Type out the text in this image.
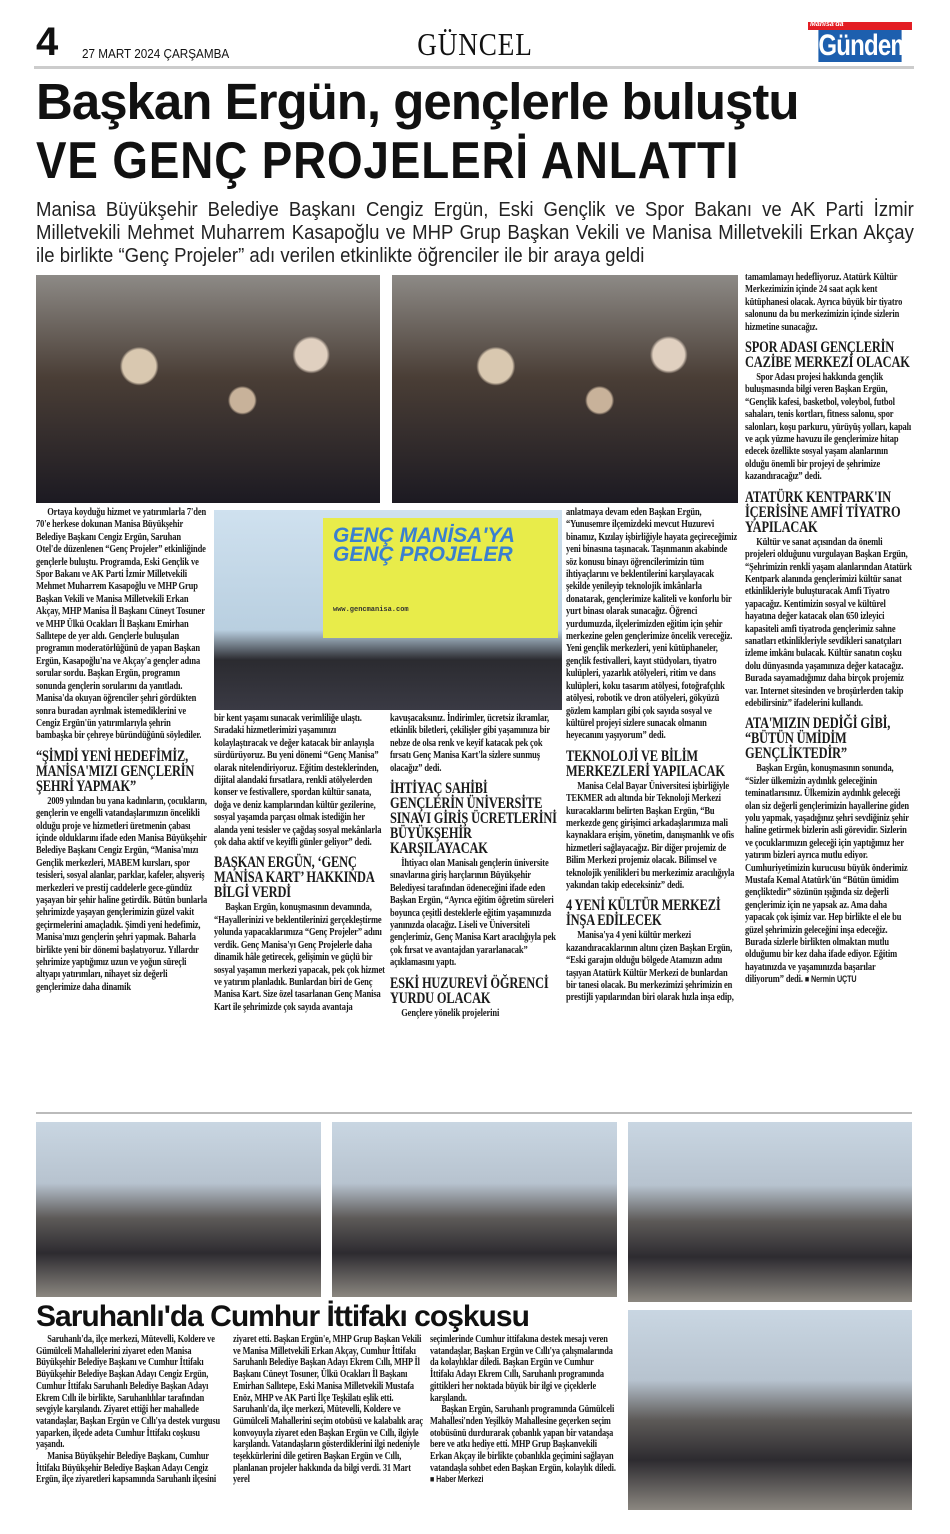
4 27 MART 2024 ÇARŞAMBA	GÜNCEL
Manisa'da
Gündem
Başkan Ergün, gençlerle buluştu
VE GENÇ PROJELERİ ANLATTI
Manisa Büyükşehir Belediye Başkanı Cengiz Ergün, Eski Gençlik ve Spor Bakanı ve AK Parti İzmir Milletvekili Mehmet Muharrem Kasapoğlu ve MHP Grup Başkan Vekili ve Manisa Milletvekili Erkan Akçay ile birlikte “Genç Projeler” adı verilen etkinlikte öğrenciler ile bir araya geldi
GENÇ MANİSA'YA GENÇ PROJELER
www.gencmanisa.com

Ortaya koyduğu hizmet ve yatırımlarla 7'den 70'e herkese dokunan Manisa Büyükşehir Belediye Başkanı Cengiz Ergün, Saruhan Otel'de düzenlenen “Genç Projeler” etkinliğinde gençlerle buluştu. Programda, Eski Gençlik ve Spor Bakanı ve AK Parti İzmir Milletvekili Mehmet Muharrem Kasapoğlu ve MHP Grup Başkan Vekili ve Manisa Milletvekili Erkan Akçay, MHP Manisa İl Başkanı Cüneyt Tosuner ve MHP Ülkü Ocakları İl Başkanı Emirhan Sallıtepe de yer aldı. Gençlerle buluşulan programın moderatörlüğünü de yapan Başkan Ergün, Kasapoğlu'na ve Akçay'a gençler adına sorular sordu. Başkan Ergün, programın sonunda gençlerin sorularını da yanıtladı. Manisa'da okuyan öğrenciler şehri gördükten sonra buradan ayrılmak istemediklerini ve Cengiz Ergün'ün yatırımlarıyla şehrin bambaşka bir çehreye büründüğünü söylediler.

“ŞİMDİ YENİ HEDEFİMİZ, MANİSA'MIZI GENÇLERİN ŞEHRİ YAPMAK”

2009 yılından bu yana kadınların, çocukların, gençlerin ve engelli vatandaşlarımızın öncelikli olduğu proje ve hizmetleri üretmenin çabası içinde olduklarını ifade eden Manisa Büyükşehir Belediye Başkanı Cengiz Ergün, “Manisa'mızı Gençlik merkezleri, MABEM kursları, spor tesisleri, sosyal alanlar, parklar, kafeler, alışveriş merkezleri ve prestij caddelerle gece-gündüz yaşayan bir şehir haline getirdik. Bütün bunlarla şehrimizde yaşayan gençlerimizin güzel vakit geçirmelerini amaçladık. Şimdi yeni hedefimiz, Manisa'mızı gençlerin şehri yapmak. Baharla birlikte yeni bir dönemi başlatıyoruz. Yıllardır şehrimize yaptığımız uzun ve yoğun süreçli altyapı yatırımları, nihayet siz değerli gençlerimize daha dinamik

bir kent yaşamı sunacak verimliliğe ulaştı. Sıradaki hizmetlerimizi yaşamınızı kolaylaştıracak ve değer katacak bir anlayışla sürdürüyoruz. Bu yeni dönemi “Genç Manisa” olarak nitelendiriyoruz. Eğitim desteklerinden, dijital alandaki fırsatlara, renkli atölyelerden konser ve festivallere, spordan kültür sanata, doğa ve deniz kamplarından kültür gezilerine, sosyal yaşamda parçası olmak istediğin her alanda yeni tesisler ve çağdaş sosyal mekânlarla çok daha aktif ve keyifli günler geliyor” dedi.

BAŞKAN ERGÜN, ‘GENÇ MANİSA KART’ HAKKINDA BİLGİ VERDİ

Başkan Ergün, konuşmasının devamında, “Hayallerinizi ve beklentilerinizi gerçekleştirme yolunda yapacaklarımıza “Genç Projeler” adını verdik. Genç Manisa'yı Genç Projelerle daha dinamik hâle getirecek, gelişimin ve güçlü bir sosyal yaşamın merkezi yapacak, pek çok hizmet ve yatırım planladık. Bunlardan biri de Genç Manisa Kart. Size özel tasarlanan Genç Manisa Kart ile şehrimizde çok sayıda avantaja

kavuşacaksınız. İndirimler, ücretsiz ikramlar, etkinlik biletleri, çekilişler gibi yaşamınıza bir nebze de olsa renk ve keyif katacak pek çok fırsatı Genç Manisa Kart'la sizlere sunmuş olacağız” dedi.

İHTİYAÇ SAHİBİ GENÇLERİN ÜNİVERSİTE SINAVI GİRİŞ ÜCRETLERİNİ BÜYÜKŞEHİR KARŞILAYACAK

İhtiyacı olan Manisalı gençlerin üniversite sınavlarına giriş harçlarının Büyükşehir Belediyesi tarafından ödeneceğini ifade eden Başkan Ergün, “Ayrıca eğitim öğretim süreleri boyunca çeşitli desteklerle eğitim yaşamınızda yanınızda olacağız. Liseli ve Üniversiteli gençlerimiz, Genç Manisa Kart aracılığıyla pek çok fırsat ve avantajdan yararlanacak” açıklamasını yaptı.

ESKİ HUZUREVİ ÖĞRENCİ YURDU OLACAK

Gençlere yönelik projelerini

anlatmaya devam eden Başkan Ergün, “Yunusemre ilçemizdeki mevcut Huzurevi binamız, Kızılay işbirliğiyle hayata geçireceğimiz yeni binasına taşınacak. Taşınmanın akabinde söz konusu binayı öğrencilerimizin tüm ihtiyaçlarını ve beklentilerini karşılayacak şekilde yenileyip teknolojik imkânlarla donatarak, gençlerimize kaliteli ve konforlu bir yurt binası olarak sunacağız. Öğrenci yurdumuzda, ilçelerimizden eğitim için şehir merkezine gelen gençlerimize öncelik vereceğiz. Yeni gençlik merkezleri, yeni kütüphaneler, gençlik festivalleri, kayıt stüdyoları, tiyatro kulüpleri, yazarlık atölyeleri, ritim ve dans kulüpleri, koku tasarım atölyesi, fotoğrafçılık atölyesi, robotik ve dron atölyeleri, gökyüzü gözlem kampları gibi çok sayıda sosyal ve kültürel projeyi sizlere sunacak olmanın heyecanını yaşıyorum” dedi.

TEKNOLOJİ VE BİLİM MERKEZLERİ YAPILACAK

Manisa Celal Bayar Üniversitesi işbirliğiyle TEKMER adı altında bir Teknoloji Merkezi kuracaklarını belirten Başkan Ergün, “Bu merkezde genç girişimci arkadaşlarımıza mali kaynaklara erişim, yönetim, danışmanlık ve ofis hizmetleri sağlayacağız. Bir diğer projemiz de Bilim Merkezi projemiz olacak. Bilimsel ve teknolojik yenilikleri bu merkezimiz aracılığıyla yakından takip edeceksiniz” dedi.

4 YENİ KÜLTÜR MERKEZİ İNŞA EDİLECEK

Manisa'ya 4 yeni kültür merkezi kazandıracaklarının altını çizen Başkan Ergün, “Eski garajın olduğu bölgede Atamızın adını taşıyan Atatürk Kültür Merkezi de bunlardan bir tanesi olacak. Bu merkezimizi şehrimizin en prestijli yapılarından biri olarak hızla inşa edip,

tamamlamayı hedefliyoruz. Atatürk Kültür Merkezimizin içinde 24 saat açık kent kütüphanesi olacak. Ayrıca büyük bir tiyatro salonunu da bu merkezimizin içinde sizlerin hizmetine sunacağız.

SPOR ADASI GENÇLERİN CAZİBE MERKEZİ OLACAK

Spor Adası projesi hakkında gençlik buluşmasında bilgi veren Başkan Ergün, “Gençlik kafesi, basketbol, voleybol, futbol sahaları, tenis kortları, fitness salonu, spor salonları, koşu parkuru, yürüyüş yolları, kapalı ve açık yüzme havuzu ile gençlerimize hitap edecek özellikte sosyal yaşam alanlarının olduğu önemli bir projeyi de şehrimize kazandıracağız” dedi.

ATATÜRK KENTPARK'IN İÇERİSİNE AMFİ TİYATRO YAPILACAK

Kültür ve sanat açısından da önemli projeleri olduğunu vurgulayan Başkan Ergün, “Şehrimizin renkli yaşam alanlarından Atatürk Kentpark alanında gençlerimizi kültür sanat etkinlikleriyle buluşturacak Amfi Tiyatro yapacağız. Kentimizin sosyal ve kültürel hayatına değer katacak olan 650 izleyici kapasiteli amfi tiyatroda gençlerimiz sahne sanatları etkinlikleriyle sevdikleri sanatçıları izleme imkânı bulacak. Kültür sanatın coşku dolu dünyasında yaşamınıza değer katacağız. Burada sayamadığımız daha birçok projemiz var. Internet sitesinden ve broşürlerden takip edebilirsiniz” ifadelerini kullandı.

ATA'MIZIN DEDİĞİ GİBİ, “BÜTÜN ÜMİDİM GENÇLİKTEDİR”

Başkan Ergün, konuşmasının sonunda, “Sizler ülkemizin aydınlık geleceğinin teminatlarısınız. Ülkemizin aydınlık geleceği olan siz değerli gençlerimizin hayallerine giden yolu yapmak, yaşadığınız şehri sevdiğiniz şehir haline getirmek bizlerin asli görevidir. Sizlerin ve çocuklarımızın geleceği için yaptığımız her yatırım bizleri ayrıca mutlu ediyor. Cumhuriyetimizin kurucusu büyük önderimiz Mustafa Kemal Atatürk'ün “Bütün ümidim gençliktedir” sözünün ışığında siz değerli gençlerimiz için ne yapsak az. Ama daha yapacak çok işimiz var. Hep birlikte el ele bu güzel şehrimizin geleceğini inşa edeceğiz. Burada sizlerle birlikten olmaktan mutlu olduğumu bir kez daha ifade ediyor. Eğitim hayatınızda ve yaşamınızda başarılar diliyorum” dedi. ■ Nermin UÇTU

Saruhanlı'da Cumhur İttifakı coşkusu

Saruhanlı'da, ilçe merkezi, Mütevelli, Koldere ve Gümülceli Mahallelerini ziyaret eden Manisa Büyükşehir Belediye Başkanı ve Cumhur İttifakı Büyükşehir Belediye Başkan Adayı Cengiz Ergün, Cumhur İttifakı Saruhanlı Belediye Başkan Adayı Ekrem Cıllı ile birlikte, Saruhanlılılar tarafından sevgiyle karşılandı. Ziyaret ettiği her mahallede vatandaşlar, Başkan Ergün ve Cıllı'ya destek vurgusu yaparken, ilçede adeta Cumhur İttifakı coşkusu yaşandı.

Manisa Büyükşehir Belediye Başkanı, Cumhur İttifakı Büyükşehir Belediye Başkan Adayı Cengiz Ergün, ilçe ziyaretleri kapsamında Saruhanlı ilçesini

ziyaret etti. Başkan Ergün'e, MHP Grup Başkan Vekili ve Manisa Milletvekili Erkan Akçay, Cumhur İttifakı Saruhanlı Belediye Başkan Adayı Ekrem Cıllı, MHP İl Başkanı Cüneyt Tosuner, Ülkü Ocakları İl Başkanı Emirhan Sallıtepe, Eski Manisa Milletvekili Mustafa Enöz, MHP ve AK Parti İlçe Teşkilatı eşlik etti. Saruhanlı'da, ilçe merkezi, Mütevelli, Koldere ve Gümülceli Mahallerini seçim otobüsü ve kalabalık araç konvoyuyla ziyaret eden Başkan Ergün ve Cıllı, ilgiyle karşılandı. Vatandaşların gösterdiklerini ilgi nedeniyle teşekkürlerini dile getiren Başkan Ergün ve Cıllı, planlanan projeler hakkında da bilgi verdi. 31 Mart yerel

seçimlerinde Cumhur ittifakına destek mesajı veren vatandaşlar, Başkan Ergün ve Cıllı'ya çalışmalarında da kolaylıklar diledi. Başkan Ergün ve Cumhur İttifakı Adayı Ekrem Cıllı, Saruhanlı programında gittikleri her noktada büyük bir ilgi ve çiçeklerle karşılandı.

Başkan Ergün, Saruhanlı programında Gümülceli Mahallesi'nden Yeşilköy Mahallesine geçerken seçim otobüsünü durdurarak çobanlık yapan bir vatandaşa bere ve atkı hediye etti. MHP Grup Başkanvekili Erkan Akçay ile birlikte çobanlıkla geçimini sağlayan vatandaşla sohbet eden Başkan Ergün, kolaylık diledi. ■ Haber Merkezi
